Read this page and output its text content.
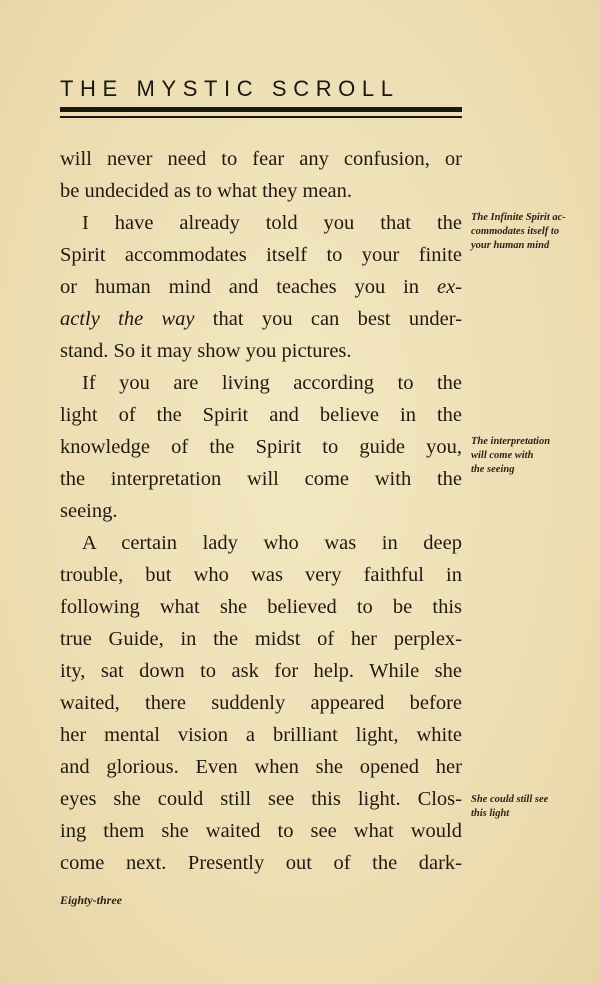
THE MYSTIC SCROLL
will never need to fear any confusion, or
be undecided as to what they mean.
I have already told you that the
Spirit accommodates itself to your finite
or human mind and teaches you in ex-
actly the way that you can best under-
stand. So it may show you pictures.
If you are living according to the
light of the Spirit and believe in the
knowledge of the Spirit to guide you,
the interpretation will come with the
seeing.
A certain lady who was in deep
trouble, but who was very faithful in
following what she believed to be this
true Guide, in the midst of her perplex-
ity, sat down to ask for help. While she
waited, there suddenly appeared before
her mental vision a brilliant light, white
and glorious. Even when she opened her
eyes she could still see this light. Clos-
ing them she waited to see what would
come next. Presently out of the dark-
The Infinite Spirit ac-
commodates itself to
your human mind
The interpretation
will come with
the seeing
She could still see
this light
Eighty-three
